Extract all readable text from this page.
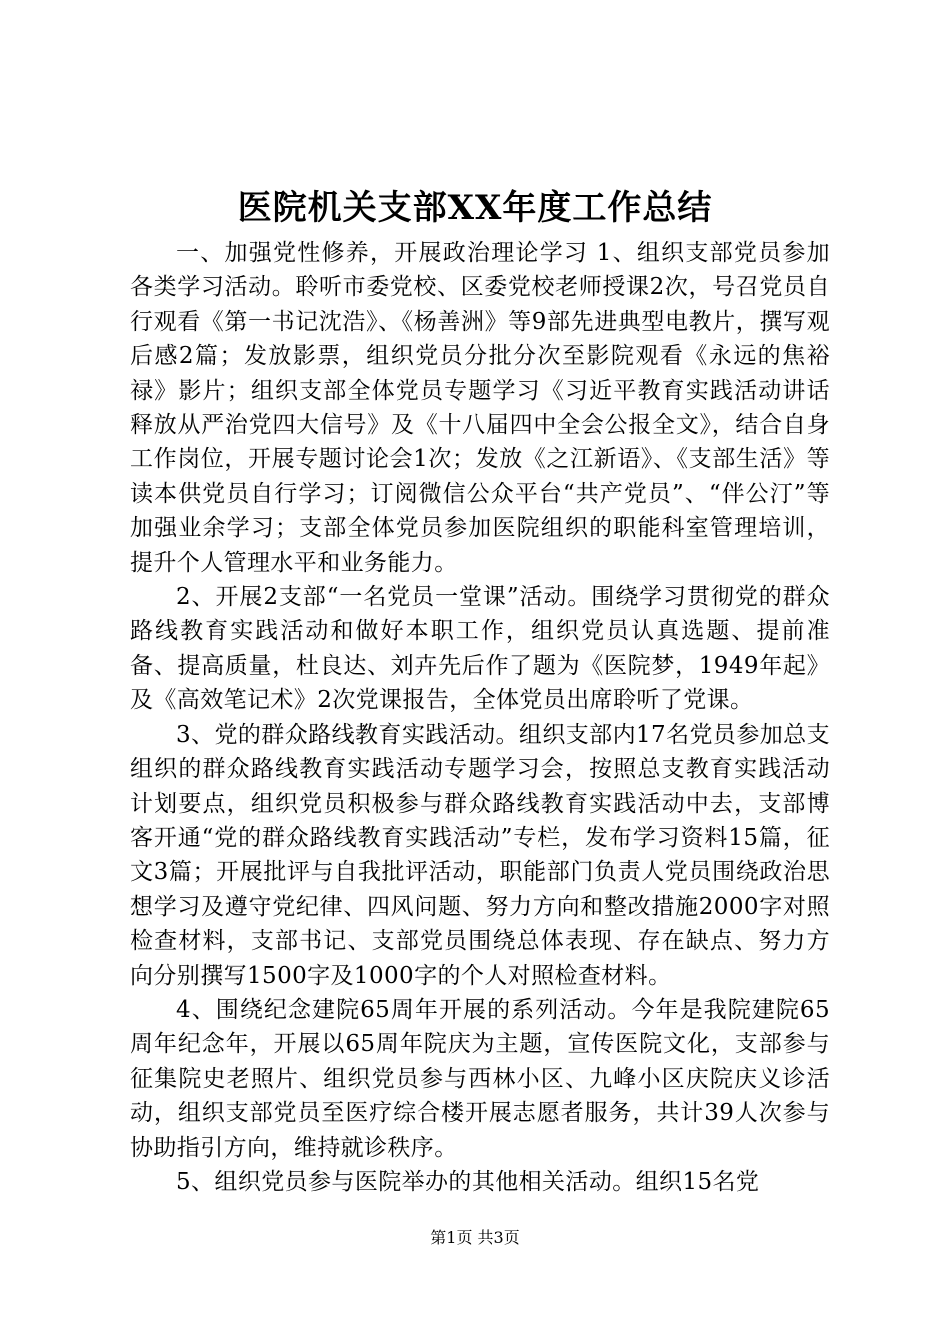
医院机关支部XX年度工作总结

一、加强党性修养，开展政治理论学习 1、组织支部党员参加各类学习活动。聆听市委党校、区委党校老师授课2次，号召党员自行观看《第一书记沈浩》、《杨善洲》等9部先进典型电教片，撰写观后感2篇；发放影票，组织党员分批分次至影院观看《永远的焦裕禄》影片；组织支部全体党员专题学习《习近平教育实践活动讲话释放从严治党四大信号》及《十八届四中全会公报全文》，结合自身工作岗位，开展专题讨论会1次；发放《之江新语》、《支部生活》等读本供党员自行学习；订阅微信公众平台“共产党员”、“伴公汀”等加强业余学习；支部全体党员参加医院组织的职能科室管理培训，提升个人管理水平和业务能力。

2、开展2支部“一名党员一堂课”活动。围绕学习贯彻党的群众路线教育实践活动和做好本职工作，组织党员认真选题、提前准备、提高质量，杜良达、刘卉先后作了题为《医院梦，1949年起》及《高效笔记术》2次党课报告，全体党员出席聆听了党课。

3、党的群众路线教育实践活动。组织支部内17名党员参加总支组织的群众路线教育实践活动专题学习会，按照总支教育实践活动计划要点，组织党员积极参与群众路线教育实践活动中去，支部博客开通“党的群众路线教育实践活动”专栏，发布学习资料15篇，征文3篇；开展批评与自我批评活动，职能部门负责人党员围绕政治思想学习及遵守党纪律、四风问题、努力方向和整改措施2000字对照检查材料，支部书记、支部党员围绕总体表现、存在缺点、努力方向分别撰写1500字及1000字的个人对照检查材料。

4、围绕纪念建院65周年开展的系列活动。今年是我院建院65周年纪念年，开展以65周年院庆为主题，宣传医院文化，支部参与征集院史老照片、组织党员参与西林小区、九峰小区庆院庆义诊活动，组织支部党员至医疗综合楼开展志愿者服务，共计39人次参与协助指引方向，维持就诊秩序。

5、组织党员参与医院举办的其他相关活动。组织15名党

第1页 共3页
